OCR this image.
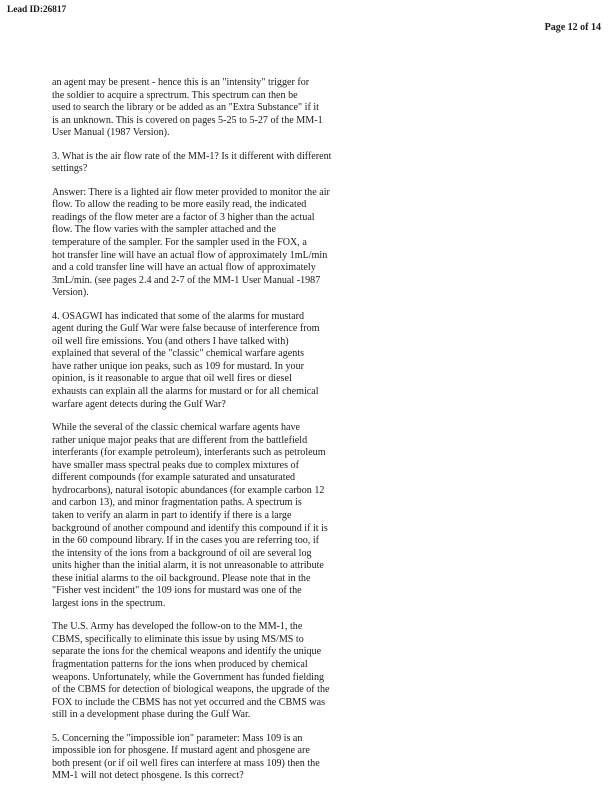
Lead ID:26817
Page 12 of 14

an agent may be present - hence this is an "intensity" trigger for
the soldier to acquire a sprectrum. This spectrum can then be
used to search the library or be added as an "Extra Substance" if it
is an unknown. This is covered on pages 5-25 to 5-27 of the MM-1
User Manual (1987 Version).

3. What is the air flow rate of the MM-1? Is it different with different
settings?

Answer: There is a lighted air flow meter provided to monitor the air
flow. To allow the reading to be more easily read, the indicated
readings of the flow meter are a factor of 3 higher than the actual
flow. The flow varies with the sampler attached and the
temperature of the sampler. For the sampler used in the FOX, a
hot transfer line will have an actual flow of approximately 1mL/min
and a cold transfer line will have an actual flow of approximately
3mL/min. (see pages 2.4 and 2-7 of the MM-1 User Manual -1987
Version).

4. OSAGWI has indicated that some of the alarms for mustard
agent during the Gulf War were false because of interference from
oil well fire emissions. You (and others I have talked with)
explained that several of the "classic" chemical warfare agents
have rather unique ion peaks, such as 109 for mustard. In your
opinion, is it reasonable to argue that oil well fires or diesel
exhausts can explain all the alarms for mustard or for all chemical
warfare agent detects during the Gulf War?

While the several of the classic chemical warfare agents have
rather unique major peaks that are different from the battlefield
interferants (for example petroleum), interferants such as petroleum
have smaller mass spectral peaks due to complex mixtures of
different compounds (for example saturated and unsaturated
hydrocarbons), natural isotopic abundances (for example carbon 12
and carbon 13), and minor fragmentation paths. A spectrum is
taken to verify an alarm in part to identify if there is a large
background of another compound and identify this compound if it is
in the 60 compound library. If in the cases you are referring too, if
the intensity of the ions from a background of oil are several log
units higher than the initial alarm, it is not unreasonable to attribute
these initial alarms to the oil background. Please note that in the
"Fisher vest incident" the 109 ions for mustard was one of the
largest ions in the spectrum.

The U.S. Army has developed the follow-on to the MM-1, the
CBMS, specifically to eliminate this issue by using MS/MS to
separate the ions for the chemical weapons and identify the unique
fragmentation patterns for the ions when produced by chemical
weapons. Unfortunately, while the Government has funded fielding
of the CBMS for detection of biological weapons, the upgrade of the
FOX to include the CBMS has not yet occurred and the CBMS was
still in a development phase during the Gulf War.

5. Concerning the "impossible ion" parameter: Mass 109 is an
impossible ion for phosgene. If mustard agent and phosgene are
both present (or if oil well fires can interfere at mass 109) then the
MM-1 will not detect phosgene. Is this correct?
